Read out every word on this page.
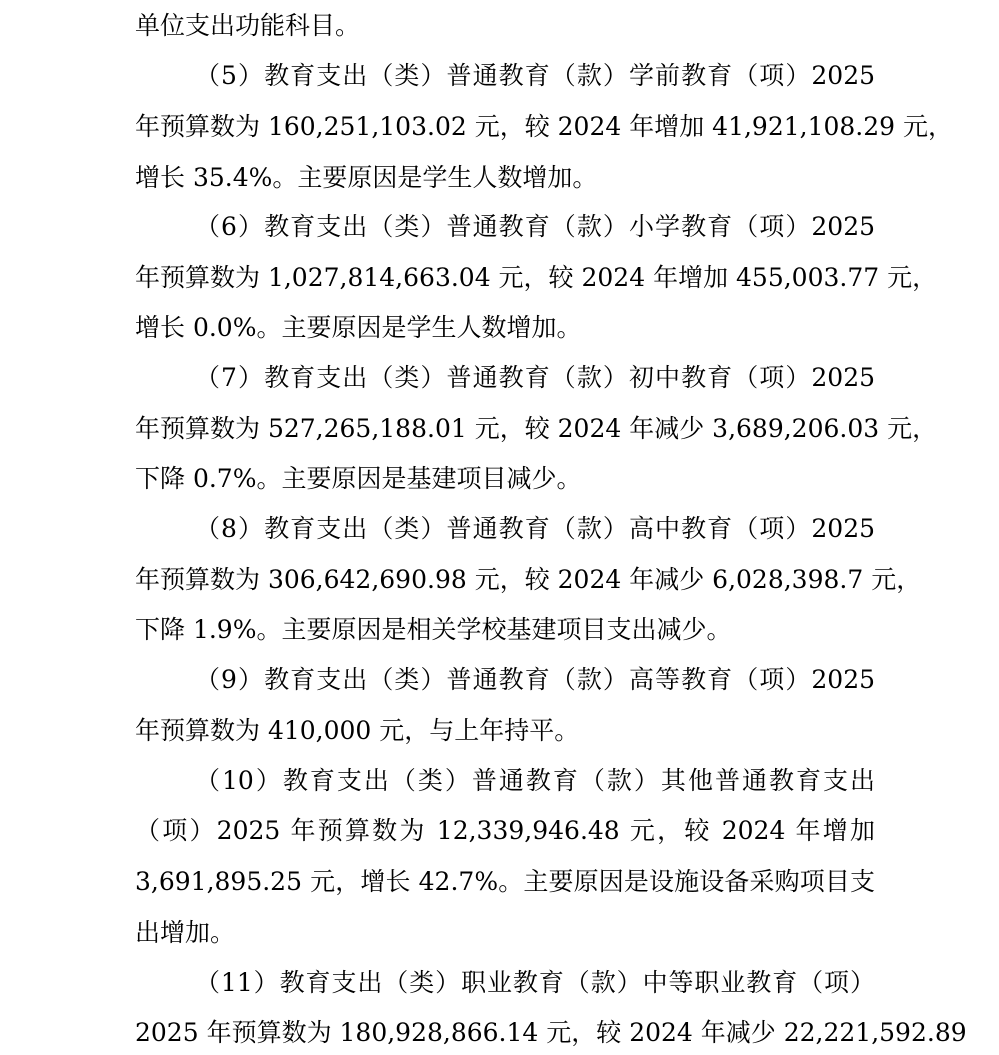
单位支出功能科目。
（5）教育支出（类）普通教育（款）学前教育（项）2025
年预算数为 160,251,103.02 元，较 2024 年增加 41,921,108.29 元，
增长 35.4%。主要原因是学生人数增加。
（6）教育支出（类）普通教育（款）小学教育（项）2025
年预算数为 1,027,814,663.04 元，较 2024 年增加 455,003.77 元，
增长 0.0%。主要原因是学生人数增加。
（7）教育支出（类）普通教育（款）初中教育（项）2025
年预算数为 527,265,188.01 元，较 2024 年减少 3,689,206.03 元，
下降 0.7%。主要原因是基建项目减少。
（8）教育支出（类）普通教育（款）高中教育（项）2025
年预算数为 306,642,690.98 元，较 2024 年减少 6,028,398.7 元，
下降 1.9%。主要原因是相关学校基建项目支出减少。
（9）教育支出（类）普通教育（款）高等教育（项）2025
年预算数为 410,000 元，与上年持平。
（10）教育支出（类）普通教育（款）其他普通教育支出
（项）2025 年预算数为 12,339,946.48 元，较 2024 年增加
3,691,895.25 元，增长 42.7%。主要原因是设施设备采购项目支
出增加。
（11）教育支出（类）职业教育（款）中等职业教育（项）
2025 年预算数为 180,928,866.14 元，较 2024 年减少 22,221,592.89
